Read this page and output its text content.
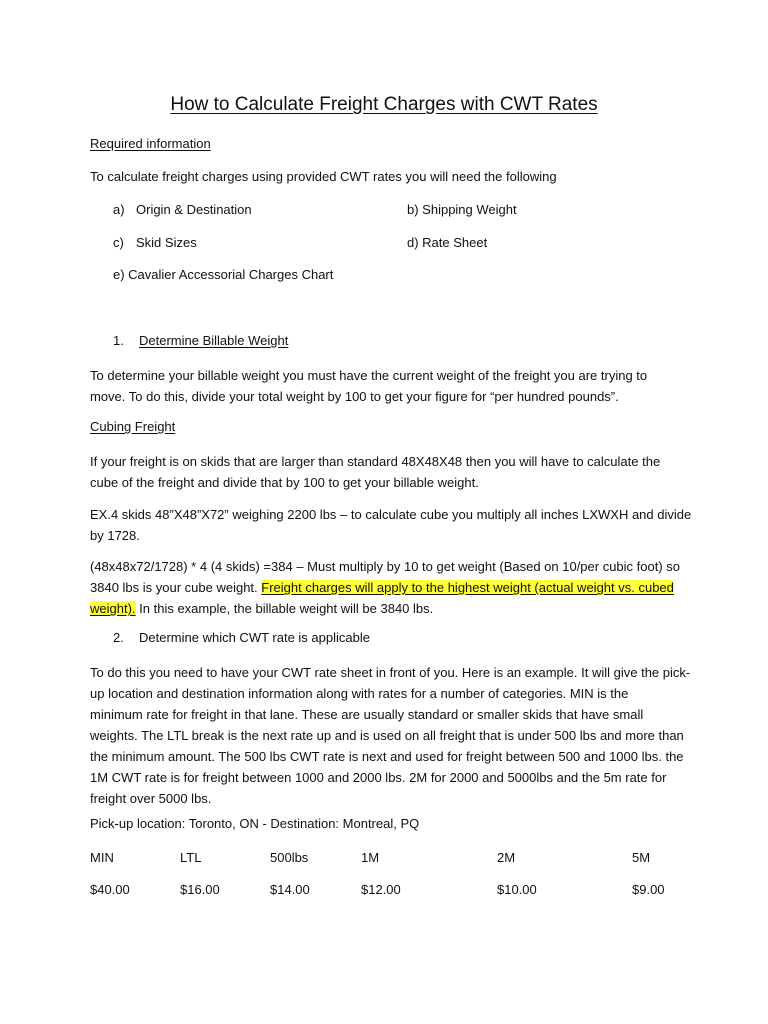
How to Calculate Freight Charges with CWT Rates
Required information
To calculate freight charges using provided CWT rates you will need the following
a) Origin & Destination	b) Shipping Weight
c) Skid Sizes	d) Rate Sheet
e) Cavalier Accessorial Charges Chart
1. Determine Billable Weight
To determine your billable weight you must have the current weight of the freight you are trying to
move. To do this, divide your total weight by 100 to get your figure for “per hundred pounds”.
Cubing Freight
If your freight is on skids that are larger than standard 48X48X48 then you will have to calculate the
cube of the freight and divide that by 100 to get your billable weight.
EX.4 skids 48”X48”X72” weighing 2200 lbs – to calculate cube you multiply all inches LXWXH and divide
by 1728.
(48x48x72/1728) * 4 (4 skids) =384 – Must multiply by 10 to get weight (Based on 10/per cubic foot) so
3840 lbs is your cube weight. Freight charges will apply to the highest weight (actual weight vs. cubed
weight). In this example, the billable weight will be 3840 lbs.
2. Determine which CWT rate is applicable
To do this you need to have your CWT rate sheet in front of you. Here is an example. It will give the pick-
up location and destination information along with rates for a number of categories. MIN is the
minimum rate for freight in that lane. These are usually standard or smaller skids that have small
weights. The LTL break is the next rate up and is used on all freight that is under 500 lbs and more than
the minimum amount. The 500 lbs CWT rate is next and used for freight between 500 and 1000 lbs. the
1M CWT rate is for freight between 1000 and 2000 lbs. 2M for 2000 and 5000lbs and the 5m rate for
freight over 5000 lbs.
Pick-up location: Toronto, ON - Destination: Montreal, PQ
MIN	LTL	500lbs	1M	2M	5M
$40.00	$16.00	$14.00	$12.00	$10.00	$9.00
